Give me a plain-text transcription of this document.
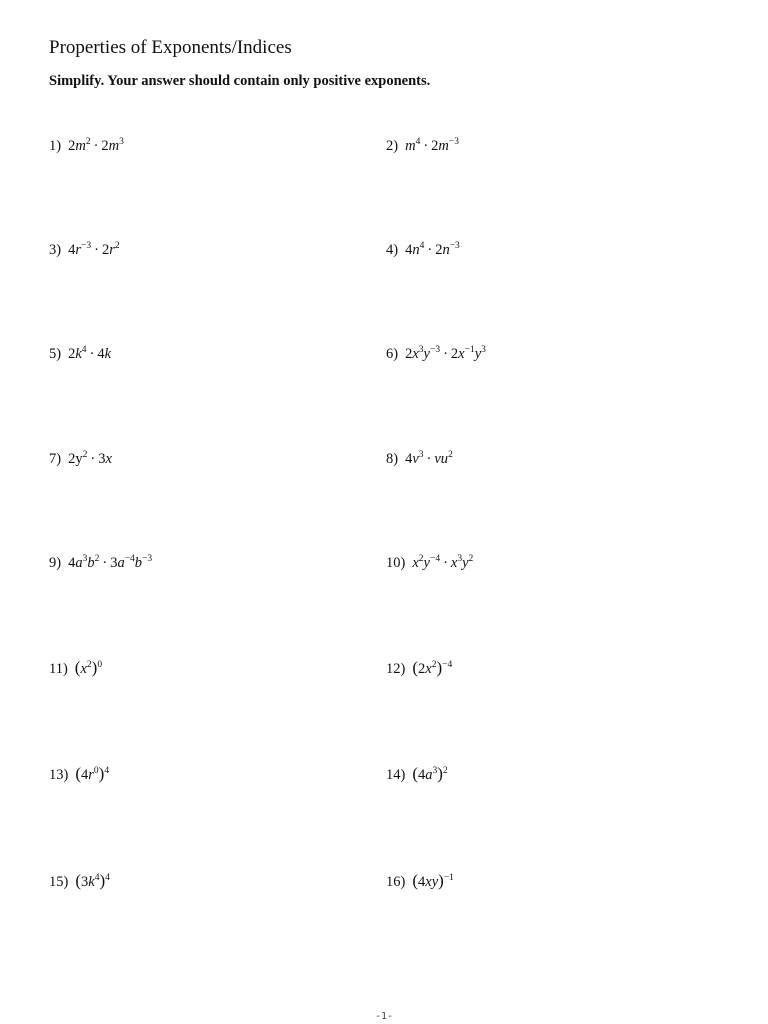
Properties of Exponents/Indices
Simplify. Your answer should contain only positive exponents.
1) $2m^2 \cdot 2m^3$	2) $m^4 \cdot 2m^{-3}$
3) $4r^{-3} \cdot 2r^2$	4) $4n^4 \cdot 2n^{-3}$
5) $2k^4 \cdot 4k$	6) $2x^3y^{-3} \cdot 2x^{-1}y^3$
7) $2y^2 \cdot 3x$	8) $4v^3 \cdot vu^2$
9) $4a^3b^2 \cdot 3a^{-4}b^{-3}$	10) $x^2y^{-4} \cdot x^3y^2$
11) $(x^2)^0$	12) $(2x^2)^{-4}$
13) $(4r^0)^4$	14) $(4a^3)^2$
15) $(3k^4)^4$	16) $(4xy)^{-1}$
-1-
